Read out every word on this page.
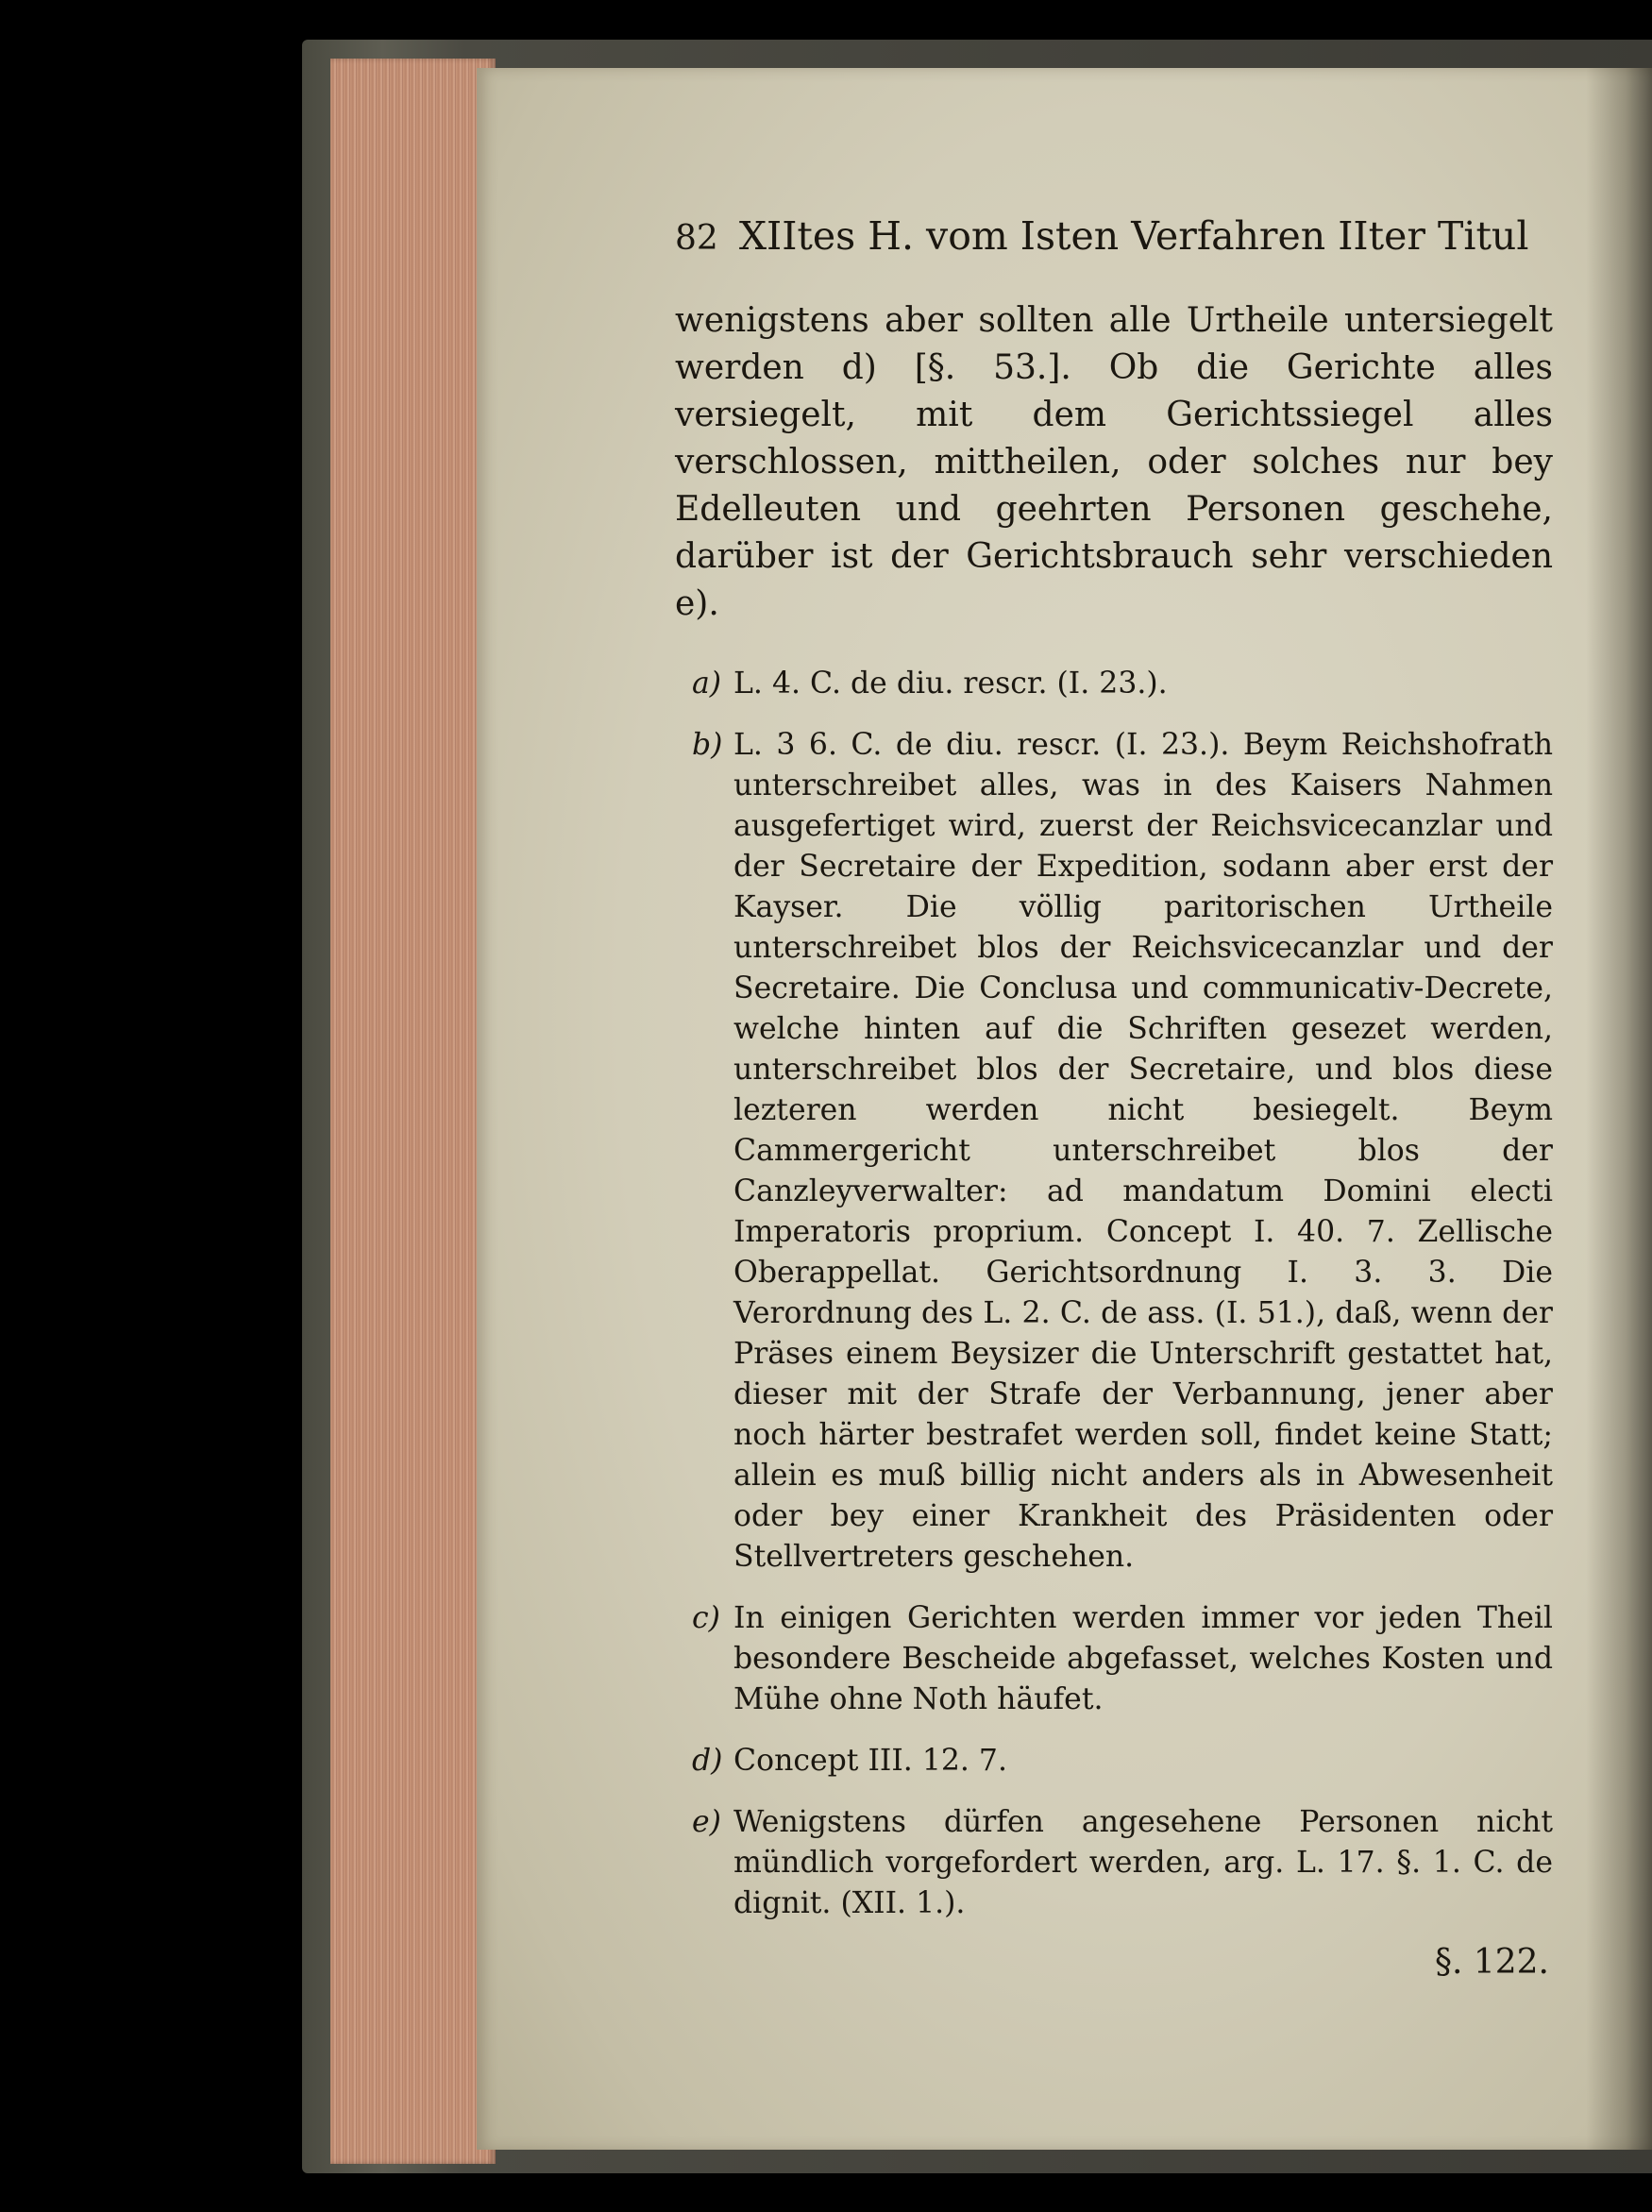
82 XIItes H. vom Isten Verfahren IIter Titul

wenigstens aber sollten alle Urtheile untersiegelt werden d) [§. 53.]. Ob die Gerichte alles versiegelt, mit dem Gerichtssiegel alles verschlossen, mittheilen, oder solches nur bey Edelleuten und geehrten Personen geschehe, darüber ist der Gerichtsbrauch sehr verschieden e).

a) L. 4. C. de diu. rescr. (I. 23.).
b) L. 3 6. C. de diu. rescr. (I. 23.). Beym Reichshofrath unterschreibet alles, was in des Kaisers Nahmen ausgefertiget wird, zuerst der Reichsvicecanzlar und der Secretaire der Expedition, sodann aber erst der Kayser. Die völlig paritorischen Urtheile unterschreibet blos der Reichsvicecanzlar und der Secretaire. Die Conclusa und communicativ-Decrete, welche hinten auf die Schriften gesezet werden, unterschreibet blos der Secretaire, und blos diese lezteren werden nicht besiegelt. Beym Cammergericht unterschreibet blos der Canzleyverwalter: ad mandatum Domini electi Imperatoris proprium. Concept I. 40. 7. Zellische Oberappellat. Gerichtsordnung I. 3. 3. Die Verordnung des L. 2. C. de ass. (I. 51.), daß, wenn der Präses einem Beysizer die Unterschrift gestattet hat, dieser mit der Strafe der Verbannung, jener aber noch härter bestrafet werden soll, findet keine Statt; allein es muß billig nicht anders als in Abwesenheit oder bey einer Krankheit des Präsidenten oder Stellvertreters geschehen.
c) In einigen Gerichten werden immer vor jeden Theil besondere Bescheide abgefasset, welches Kosten und Mühe ohne Noth häufet.
d) Concept III. 12. 7.
e) Wenigstens dürfen angesehene Personen nicht mündlich vorgefordert werden, arg. L. 17. §. 1. C. de dignit. (XII. 1.).
§. 122.
